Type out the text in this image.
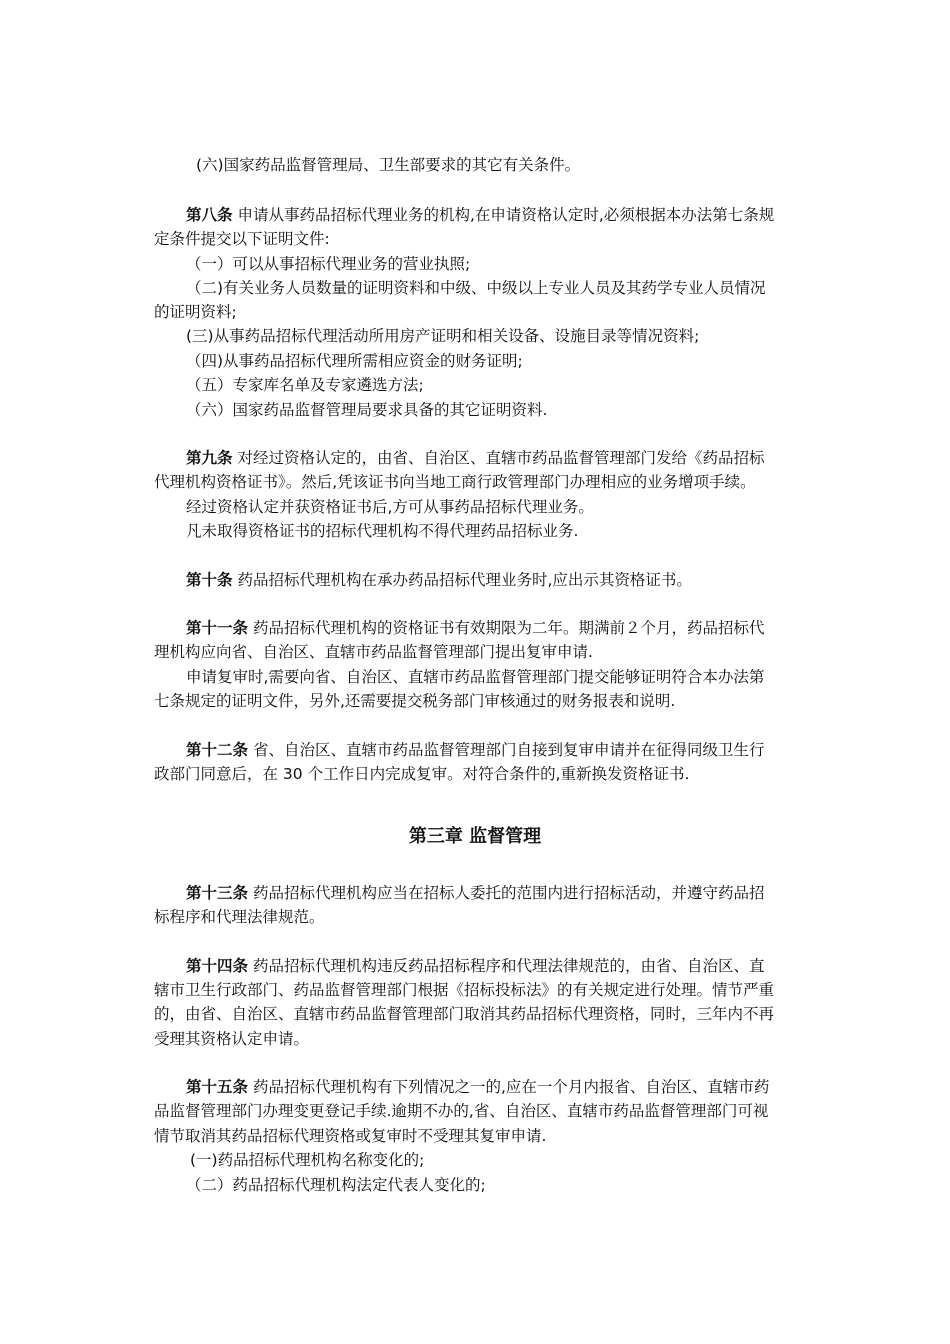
(六)国家药品监督管理局、卫生部要求的其它有关条件。
第八条 申请从事药品招标代理业务的机构,在申请资格认定时,必须根据本办法第七条规
定条件提交以下证明文件:
（一）可以从事招标代理业务的营业执照;
（二)有关业务人员数量的证明资料和中级、中级以上专业人员及其药学专业人员情况
的证明资料;
(三)从事药品招标代理活动所用房产证明和相关设备、设施目录等情况资料;
（四)从事药品招标代理所需相应资金的财务证明;
（五）专家库名单及专家遴选方法;
（六）国家药品监督管理局要求具备的其它证明资料.
第九条 对经过资格认定的，由省、自治区、直辖市药品监督管理部门发给《药品招标
代理机构资格证书》。然后,凭该证书向当地工商行政管理部门办理相应的业务增项手续。
经过资格认定并获资格证书后,方可从事药品招标代理业务。
凡未取得资格证书的招标代理机构不得代理药品招标业务.
第十条 药品招标代理机构在承办药品招标代理业务时,应出示其资格证书。
第十一条 药品招标代理机构的资格证书有效期限为二年。期满前２个月，药品招标代
理机构应向省、自治区、直辖市药品监督管理部门提出复审申请.
申请复审时,需要向省、自治区、直辖市药品监督管理部门提交能够证明符合本办法第
七条规定的证明文件，另外,还需要提交税务部门审核通过的财务报表和说明.
第十二条 省、自治区、直辖市药品监督管理部门自接到复审申请并在征得同级卫生行
政部门同意后，在 30 个工作日内完成复审。对符合条件的,重新换发资格证书.
第三章 监督管理
第十三条 药品招标代理机构应当在招标人委托的范围内进行招标活动，并遵守药品招
标程序和代理法律规范。
第十四条 药品招标代理机构违反药品招标程序和代理法律规范的，由省、自治区、直
辖市卫生行政部门、药品监督管理部门根据《招标投标法》的有关规定进行处理。情节严重
的，由省、自治区、直辖市药品监督管理部门取消其药品招标代理资格，同时，三年内不再
受理其资格认定申请。
第十五条 药品招标代理机构有下列情况之一的,应在一个月内报省、自治区、直辖市药
品监督管理部门办理变更登记手续.逾期不办的,省、自治区、直辖市药品监督管理部门可视
情节取消其药品招标代理资格或复审时不受理其复审申请.
(一)药品招标代理机构名称变化的;
（二）药品招标代理机构法定代表人变化的;
